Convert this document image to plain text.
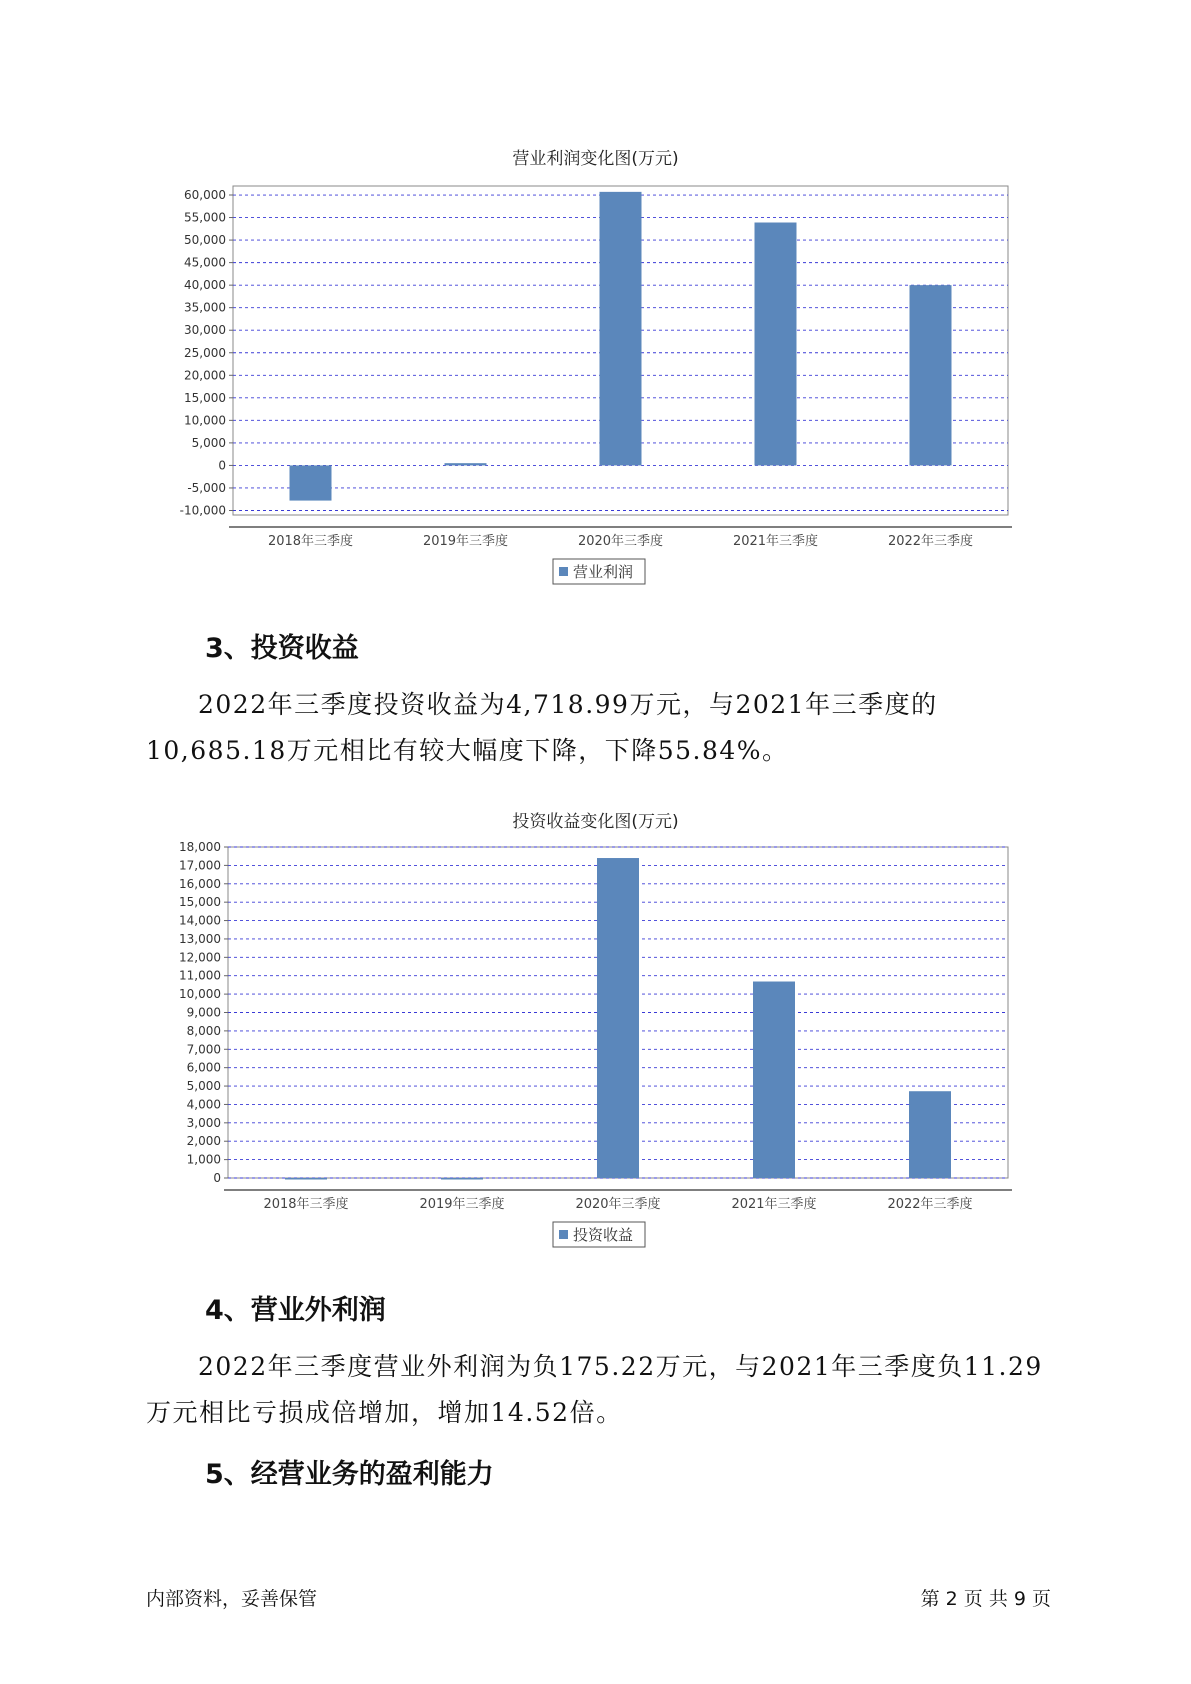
营业利润变化图(万元)
-10,000
-5,000
0
5,000
10,000
15,000
20,000
25,000
30,000
35,000
40,000
45,000
50,000
55,000
60,000
2018年三季度	2019年三季度	2020年三季度	2021年三季度	2022年三季度
营业利润
3、投资收益
2022年三季度投资收益为4,718.99万元，与2021年三季度的10,685.18万元相比有较大幅度下降，下降55.84%。
投资收益变化图(万元)
0
1,000
2,000
3,000
4,000
5,000
6,000
7,000
8,000
9,000
10,000
11,000
12,000
13,000
14,000
15,000
16,000
17,000
18,000
2018年三季度	2019年三季度	2020年三季度	2021年三季度	2022年三季度
投资收益
4、营业外利润
2022年三季度营业外利润为负175.22万元，与2021年三季度负11.29万元相比亏损成倍增加，增加14.52倍。
5、经营业务的盈利能力
内部资料，妥善保管	第 2 页 共 9 页
